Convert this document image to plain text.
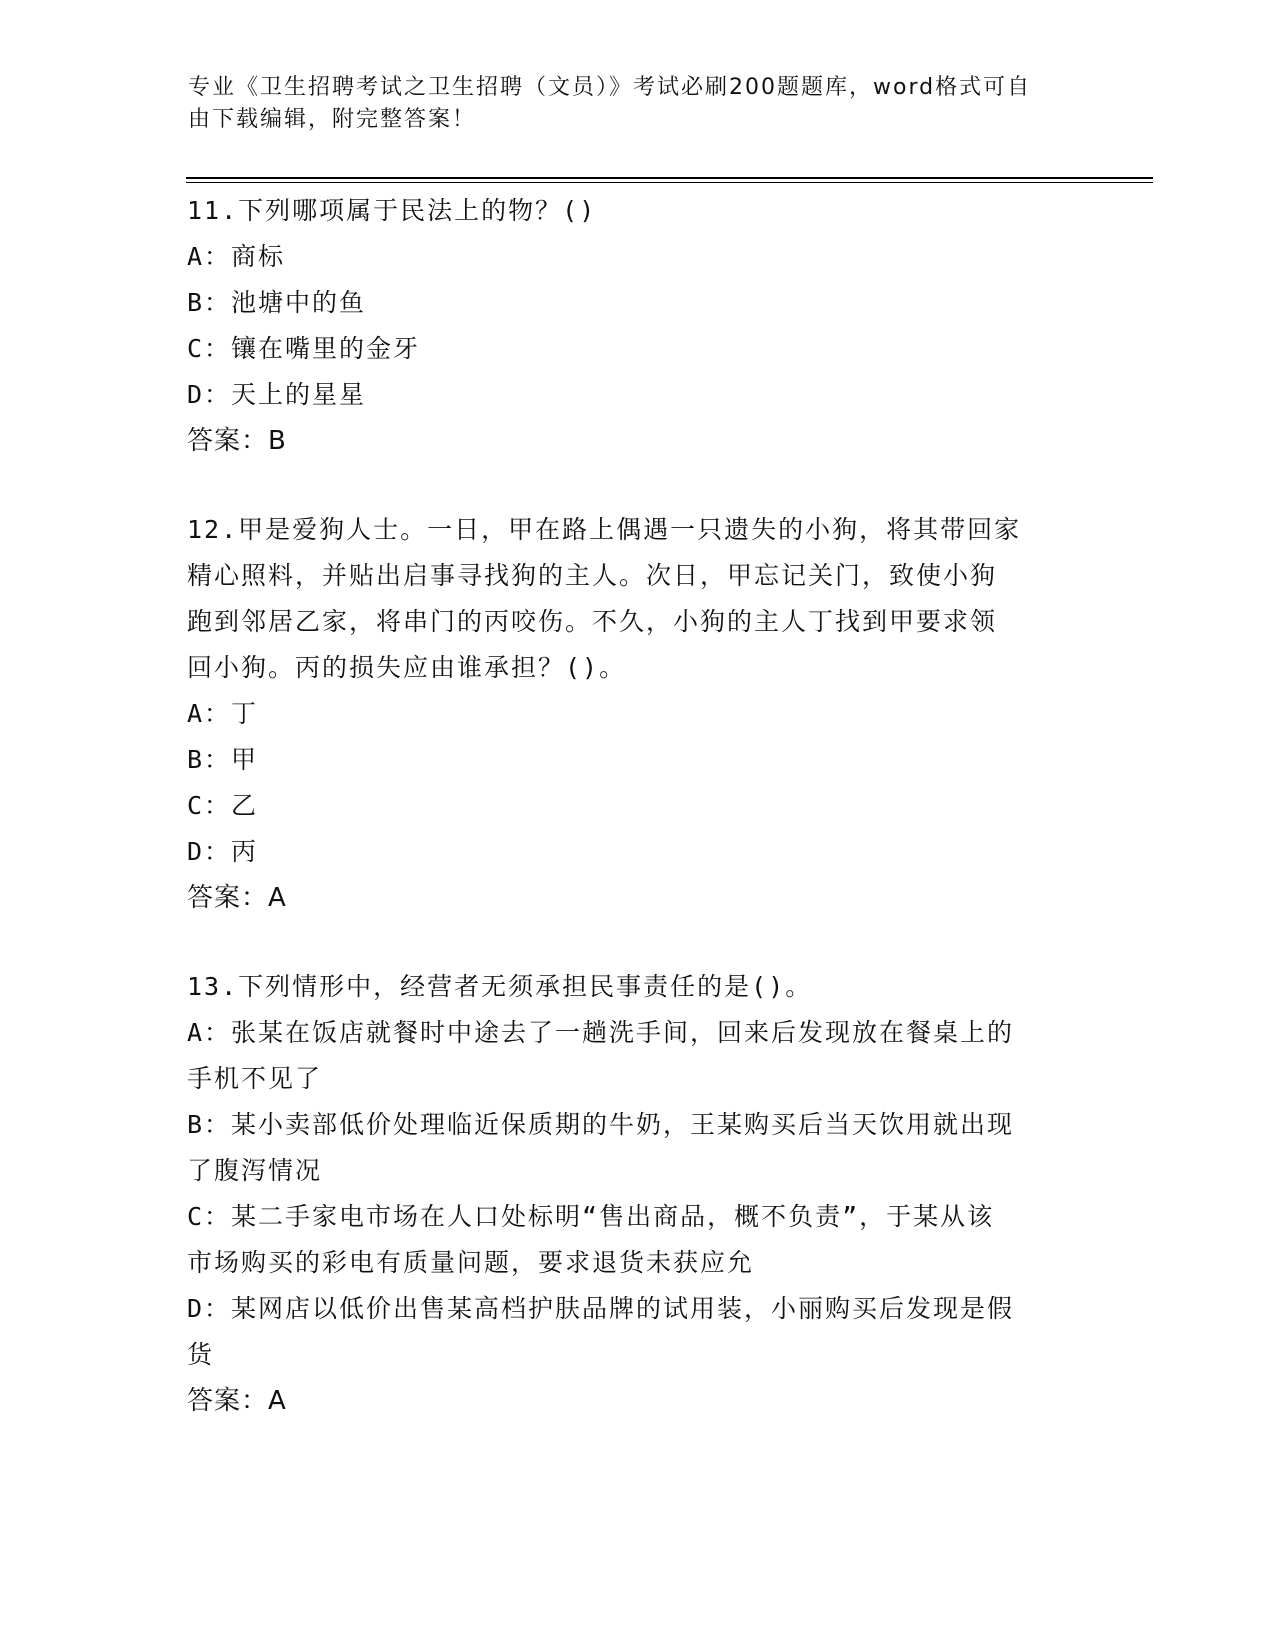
专业《卫生招聘考试之卫生招聘（文员）》考试必刷200题题库，word格式可自
由下载编辑，附完整答案！
11.下列哪项属于民法上的物？()
A：商标
B：池塘中的鱼
C：镶在嘴里的金牙
D：天上的星星
答案：B
12.甲是爱狗人士。一日，甲在路上偶遇一只遗失的小狗，将其带回家
精心照料，并贴出启事寻找狗的主人。次日，甲忘记关门，致使小狗
跑到邻居乙家，将串门的丙咬伤。不久，小狗的主人丁找到甲要求领
回小狗。丙的损失应由谁承担？()。
A：丁
B：甲
C：乙
D：丙
答案：A
13.下列情形中，经营者无须承担民事责任的是()。
A：张某在饭店就餐时中途去了一趟洗手间，回来后发现放在餐桌上的
手机不见了
B：某小卖部低价处理临近保质期的牛奶，王某购买后当天饮用就出现
了腹泻情况
C：某二手家电市场在人口处标明“售出商品，概不负责”，于某从该
市场购买的彩电有质量问题，要求退货未获应允
D：某网店以低价出售某高档护肤品牌的试用装，小丽购买后发现是假
货
答案：A
